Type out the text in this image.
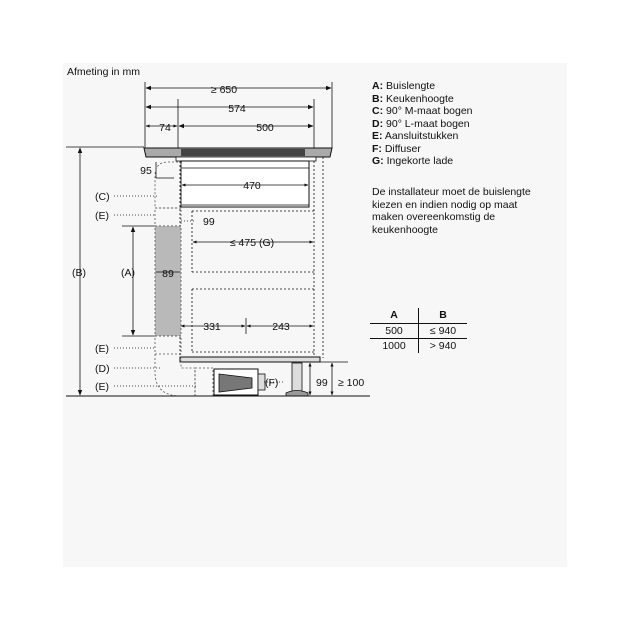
Afmeting in mm
A: Buislengte
B: Keukenhoogte
C: 90° M-maat bogen
D: 90° L-maat bogen
E: Aansluitstukken
F: Diffuser
G: Ingekorte lade
De installateur moet de buislengte
kiezen en indien nodig op maat
maken overeenkomstig de
keukenhoogte
A	B
500	≤ 940
1000	> 940
≥ 650
574
74	500
95
470
99
≤ 475 (G)
89
331	243
99 ≥ 100
(C)
(E)
(A)
(B)
(E)
(D)
(E)	(F)
